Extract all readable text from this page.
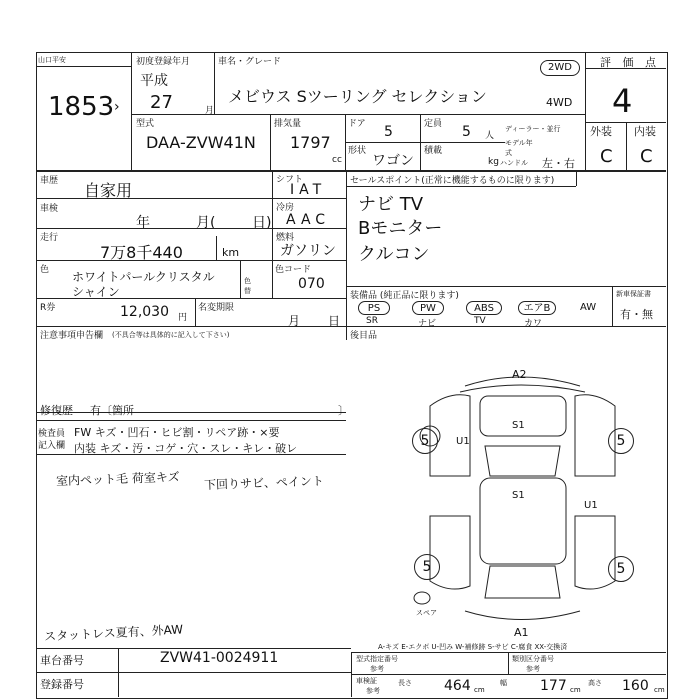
山口平安
1853 ›
初度登録年月
平成
27	月
車名・グレード
メビウス Sツーリング セレクション
2WD
4WD
評 価 点
4
外装 内装
C C
型式
DAA-ZVW41N
排気量
1797
cc
ドア 5	定員 5 人
ディーラー・並行
モデル年式
形状
ワゴン
積載
kg ハンドル 左・右
車歴 自家用
車検
年	月(	日)
走行
7万8千440	km
色 ホワイトパールクリスタル
シャイン
色替
色コード
070
シフト
IAT
冷房
AAC
燃料
ガソリン
セールスポイント(正常に機能するものに限ります)
ナビ TV
Bモニター
クルコン
R券	12,030 円
名変期限
月 日
装備品 (純正品に限ります)
PS	PW	ABS	エアB	AW
SR	ナビ	TV	カワ
新車保証書
有・無
後目品
注意事項申告欄 (不具合等は具体的に記入して下さい)
修復歴 有〔箇所	〕
検査員
記入欄
FW キズ・凹石・ヒビ割・リペア跡・×要
内装 キズ・汚・コゲ・穴・スレ・キレ・破レ
室内ペット毛 荷室キズ 下回りサビ、ペイント
スタットレス夏有、外AW
A2
5	5
5	5
U1
S1
S1
U1
A1
スペア
A-キズ E-エクボ U-凹み W-補修跡 S-サビ C-腐食 XX-交換済
車台番号	ZVW41-0024911
登録番号
型式指定番号
参考
類別区分番号
参考
車検証
参考
長さ 464 cm
幅 177 cm
高さ 160 cm
